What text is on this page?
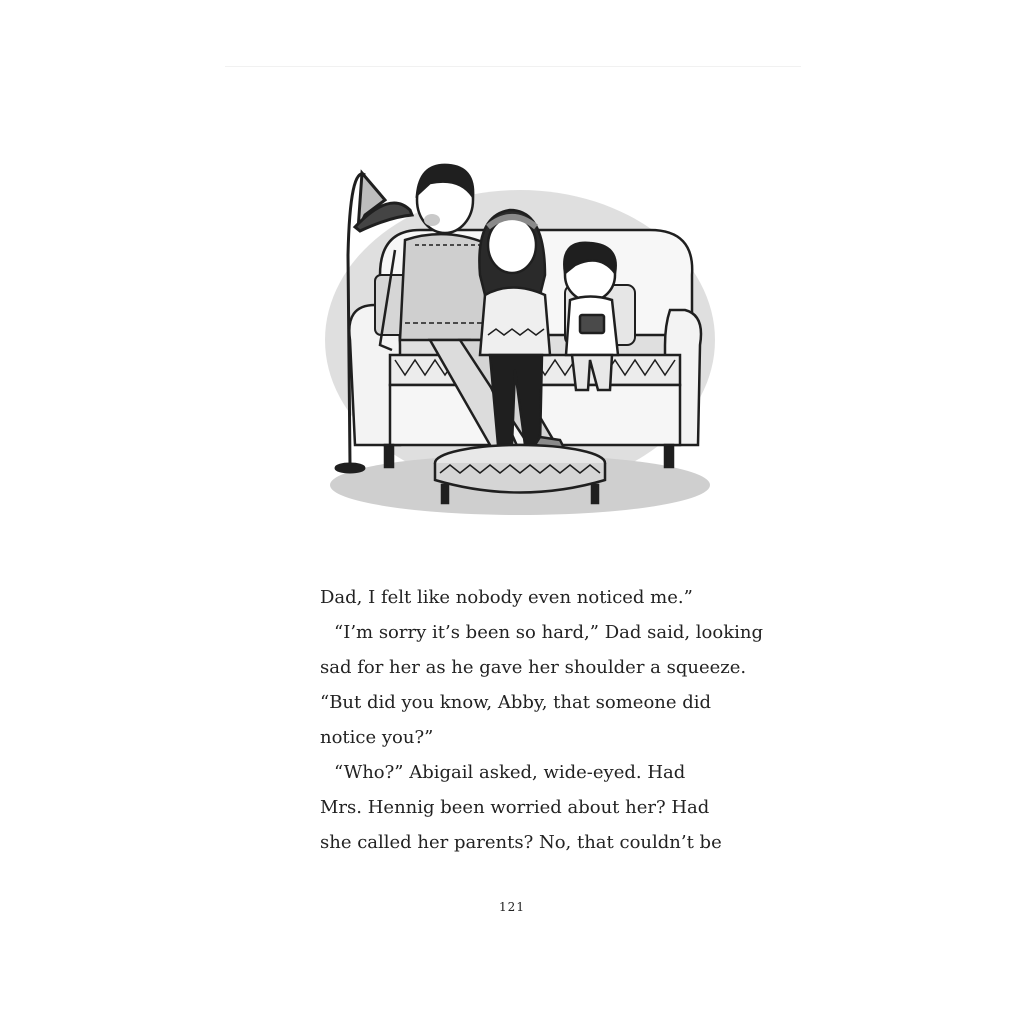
Dad, I felt like nobody even noticed me.”
“I’m sorry it’s been so hard,” Dad said, looking
sad for her as he gave her shoulder a squeeze.
“But did you know, Abby, that someone did
notice you?”
“Who?” Abigail asked, wide-eyed. Had
Mrs. Hennig been worried about her? Had
she called her parents? No, that couldn’t be
121
